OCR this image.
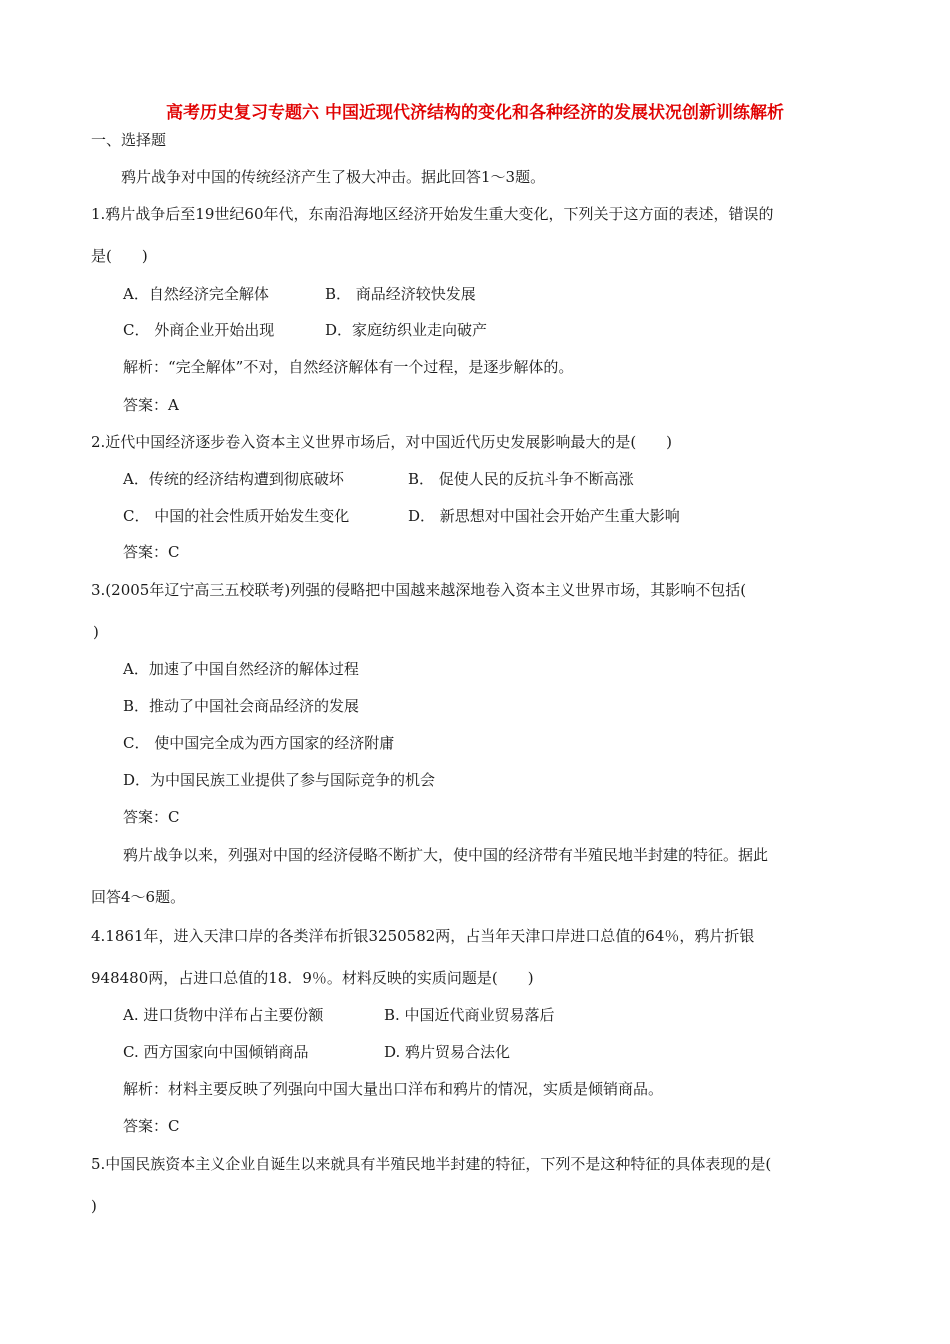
高考历史复习专题六 中国近现代济结构的变化和各种经济的发展状况创新训练解析
一、选择题
鸦片战争对中国的传统经济产生了极大冲击。据此回答1～3题。
1.鸦片战争后至19世纪60年代，东南沿海地区经济开始发生重大变化，下列关于这方面的表述，错误的
是(　　)
A．自然经济完全解体	B． 商品经济较快发展
C． 外商企业开始出现	D．家庭纺织业走向破产
解析：“完全解体”不对，自然经济解体有一个过程，是逐步解体的。
答案：A
2.近代中国经济逐步卷入资本主义世界市场后，对中国近代历史发展影响最大的是(　　)
A．传统的经济结构遭到彻底破坏	B． 促使人民的反抗斗争不断高涨
C． 中国的社会性质开始发生变化	D． 新思想对中国社会开始产生重大影响
答案：C
3.(2005年辽宁高三五校联考)列强的侵略把中国越来越深地卷入资本主义世界市场，其影响不包括(
)
A．加速了中国自然经济的解体过程
B．推动了中国社会商品经济的发展
C． 使中国完全成为西方国家的经济附庸
D．为中国民族工业提供了参与国际竞争的机会
答案：C
鸦片战争以来，列强对中国的经济侵略不断扩大，使中国的经济带有半殖民地半封建的特征。据此
回答4～6题。
4.1861年，进入天津口岸的各类洋布折银3250582两，占当年天津口岸进口总值的64％，鸦片折银
948480两，占进口总值的18．9％。材料反映的实质问题是(　　)
A. 进口货物中洋布占主要份额	B. 中国近代商业贸易落后
C. 西方国家向中国倾销商品	D. 鸦片贸易合法化
解析：材料主要反映了列强向中国大量出口洋布和鸦片的情况，实质是倾销商品。
答案：C
5.中国民族资本主义企业自诞生以来就具有半殖民地半封建的特征，下列不是这种特征的具体表现的是(
)
